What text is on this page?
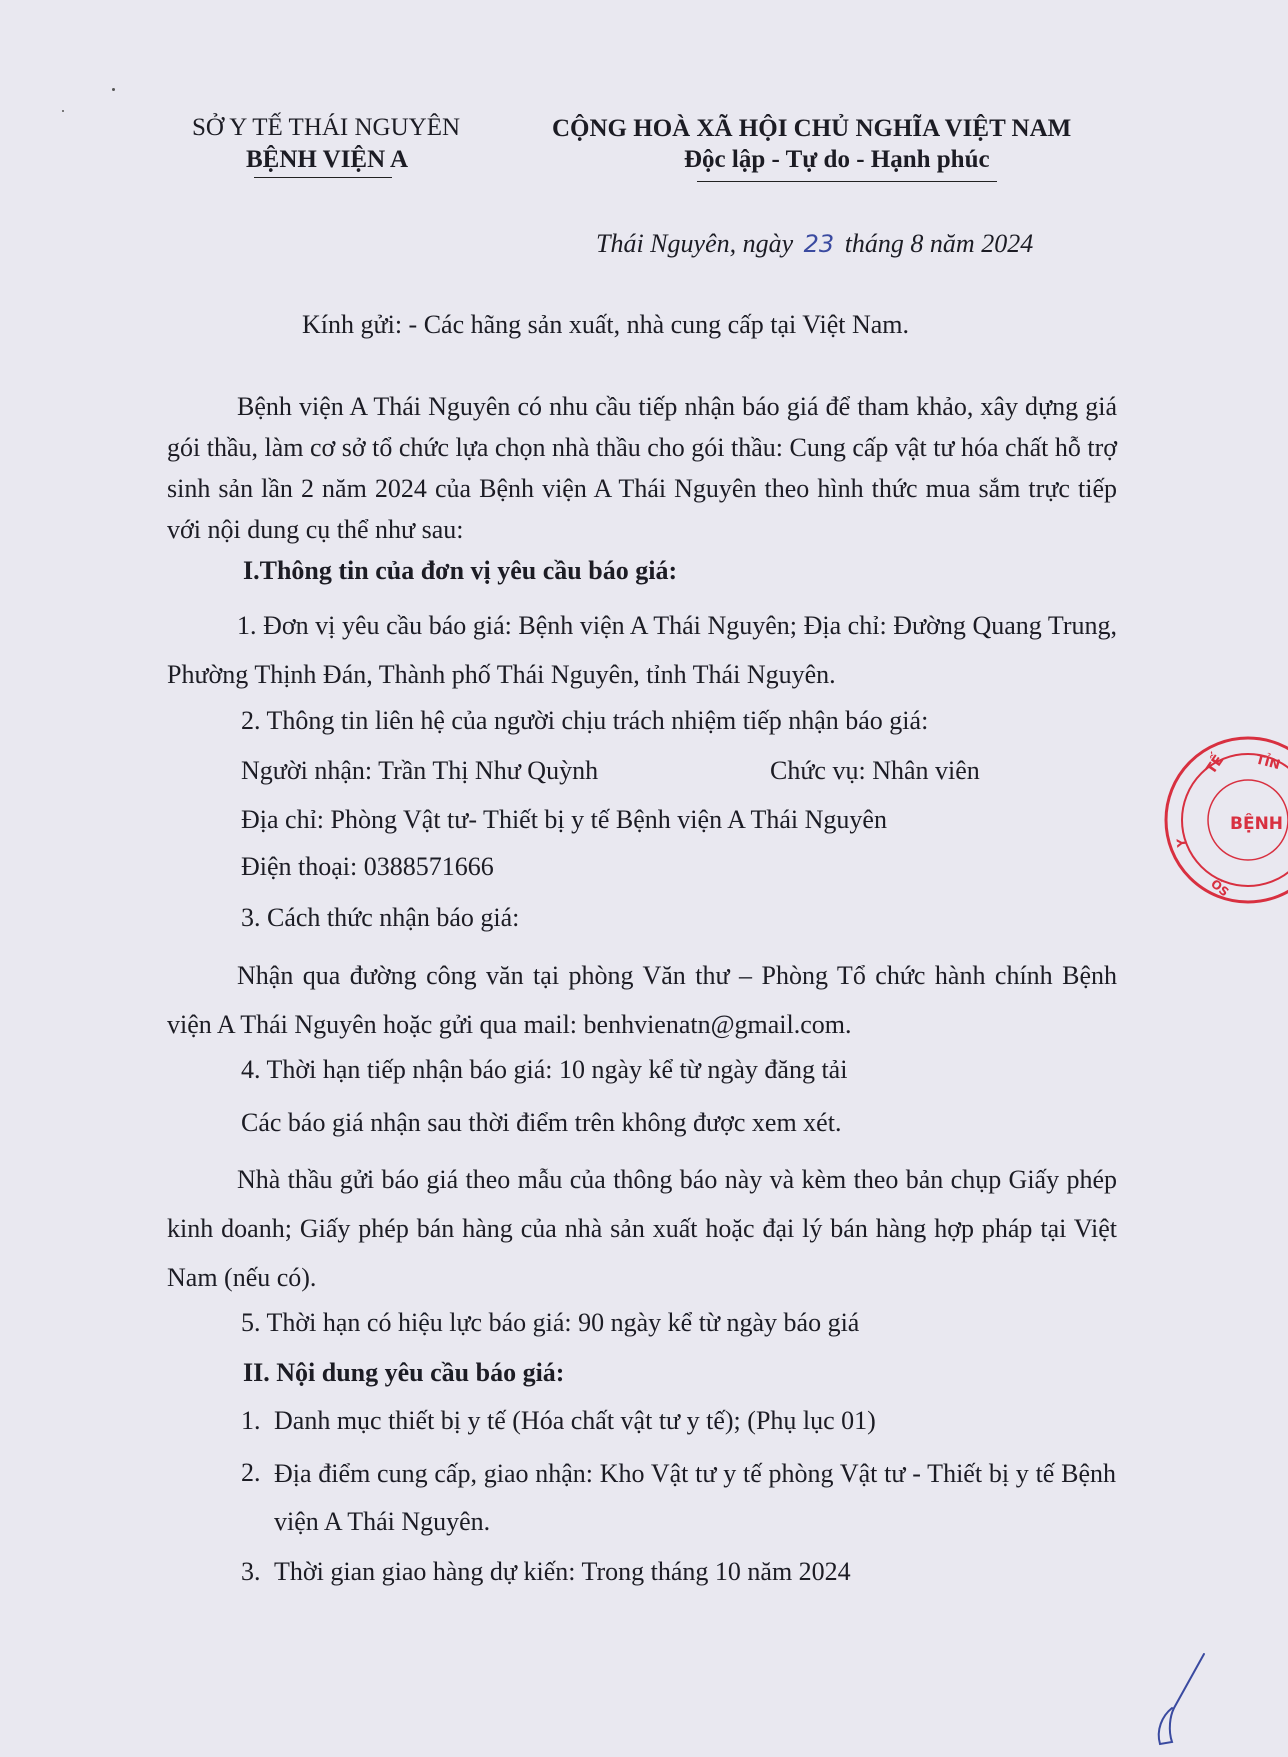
SỞ Y TẾ THÁI NGUYÊN
BỆNH VIỆN A
CỘNG HOÀ XÃ HỘI CHỦ NGHĨA VIỆT NAM
Độc lập - Tự do - Hạnh phúc
Thái Nguyên, ngày 23 tháng 8 năm 2024
Kính gửi: - Các hãng sản xuất, nhà cung cấp tại Việt Nam.
Bệnh viện A Thái Nguyên có nhu cầu tiếp nhận báo giá để tham khảo, xây dựng giá gói thầu, làm cơ sở tổ chức lựa chọn nhà thầu cho gói thầu: Cung cấp vật tư hóa chất hỗ trợ sinh sản lần 2 năm 2024 của Bệnh viện A Thái Nguyên theo hình thức mua sắm trực tiếp với nội dung cụ thể như sau:
I.Thông tin của đơn vị yêu cầu báo giá:
1. Đơn vị yêu cầu báo giá: Bệnh viện A Thái Nguyên; Địa chỉ: Đường Quang Trung, Phường Thịnh Đán, Thành phố Thái Nguyên, tỉnh Thái Nguyên.
2. Thông tin liên hệ của người chịu trách nhiệm tiếp nhận báo giá:
Người nhận: Trần Thị Như Quỳnh	Chức vụ: Nhân viên
Địa chỉ: Phòng Vật tư- Thiết bị y tế Bệnh viện A Thái Nguyên
Điện thoại: 0388571666
3. Cách thức nhận báo giá:
Nhận qua đường công văn tại phòng Văn thư – Phòng Tổ chức hành chính Bệnh viện A Thái Nguyên hoặc gửi qua mail: benhvienatn@gmail.com.
4. Thời hạn tiếp nhận báo giá: 10 ngày kể từ ngày đăng tải
Các báo giá nhận sau thời điểm trên không được xem xét.
Nhà thầu gửi báo giá theo mẫu của thông báo này và kèm theo bản chụp Giấy phép kinh doanh; Giấy phép bán hàng của nhà sản xuất hoặc đại lý bán hàng hợp pháp tại Việt Nam (nếu có).
5. Thời hạn có hiệu lực báo giá: 90 ngày kể từ ngày báo giá
II. Nội dung yêu cầu báo giá:
1. Danh mục thiết bị y tế (Hóa chất vật tư y tế); (Phụ lục 01)
2. Địa điểm cung cấp, giao nhận: Kho Vật tư y tế phòng Vật tư - Thiết bị y tế Bệnh viện A Thái Nguyên.
3. Thời gian giao hàng dự kiến: Trong tháng 10 năm 2024
TẾ TỈN
BỆNH
Y
ÔS
